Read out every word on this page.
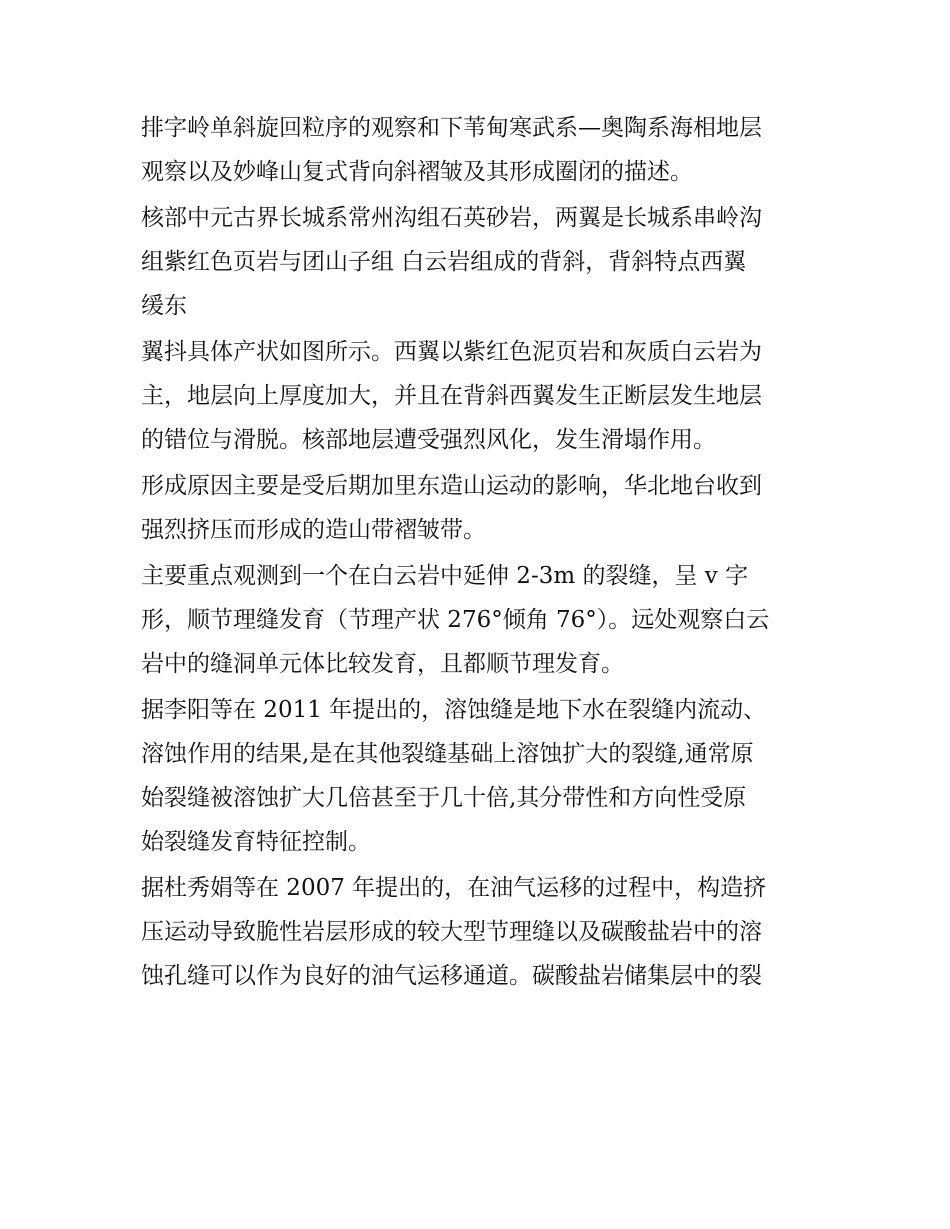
排字岭单斜旋回粒序的观察和下苇甸寒武系—奥陶系海相地层
观察以及妙峰山复式背向斜褶皱及其形成圈闭的描述。
核部中元古界长城系常州沟组石英砂岩，两翼是长城系串岭沟
组紫红色页岩与团山子组 白云岩组成的背斜，背斜特点西翼
缓东
翼抖具体产状如图所示。西翼以紫红色泥页岩和灰质白云岩为
主，地层向上厚度加大，并且在背斜西翼发生正断层发生地层
的错位与滑脱。核部地层遭受强烈风化，发生滑塌作用。
形成原因主要是受后期加里东造山运动的影响，华北地台收到
强烈挤压而形成的造山带褶皱带。
主要重点观测到一个在白云岩中延伸 2-3m 的裂缝，呈 v 字
形，顺节理缝发育（节理产状 276°倾角 76°）。远处观察白云
岩中的缝洞单元体比较发育，且都顺节理发育。
据李阳等在 2011 年提出的，溶蚀缝是地下水在裂缝内流动、
溶蚀作用的结果,是在其他裂缝基础上溶蚀扩大的裂缝,通常原
始裂缝被溶蚀扩大几倍甚至于几十倍,其分带性和方向性受原
始裂缝发育特征控制。
据杜秀娟等在 2007 年提出的，在油气运移的过程中，构造挤
压运动导致脆性岩层形成的较大型节理缝以及碳酸盐岩中的溶
蚀孔缝可以作为良好的油气运移通道。碳酸盐岩储集层中的裂
